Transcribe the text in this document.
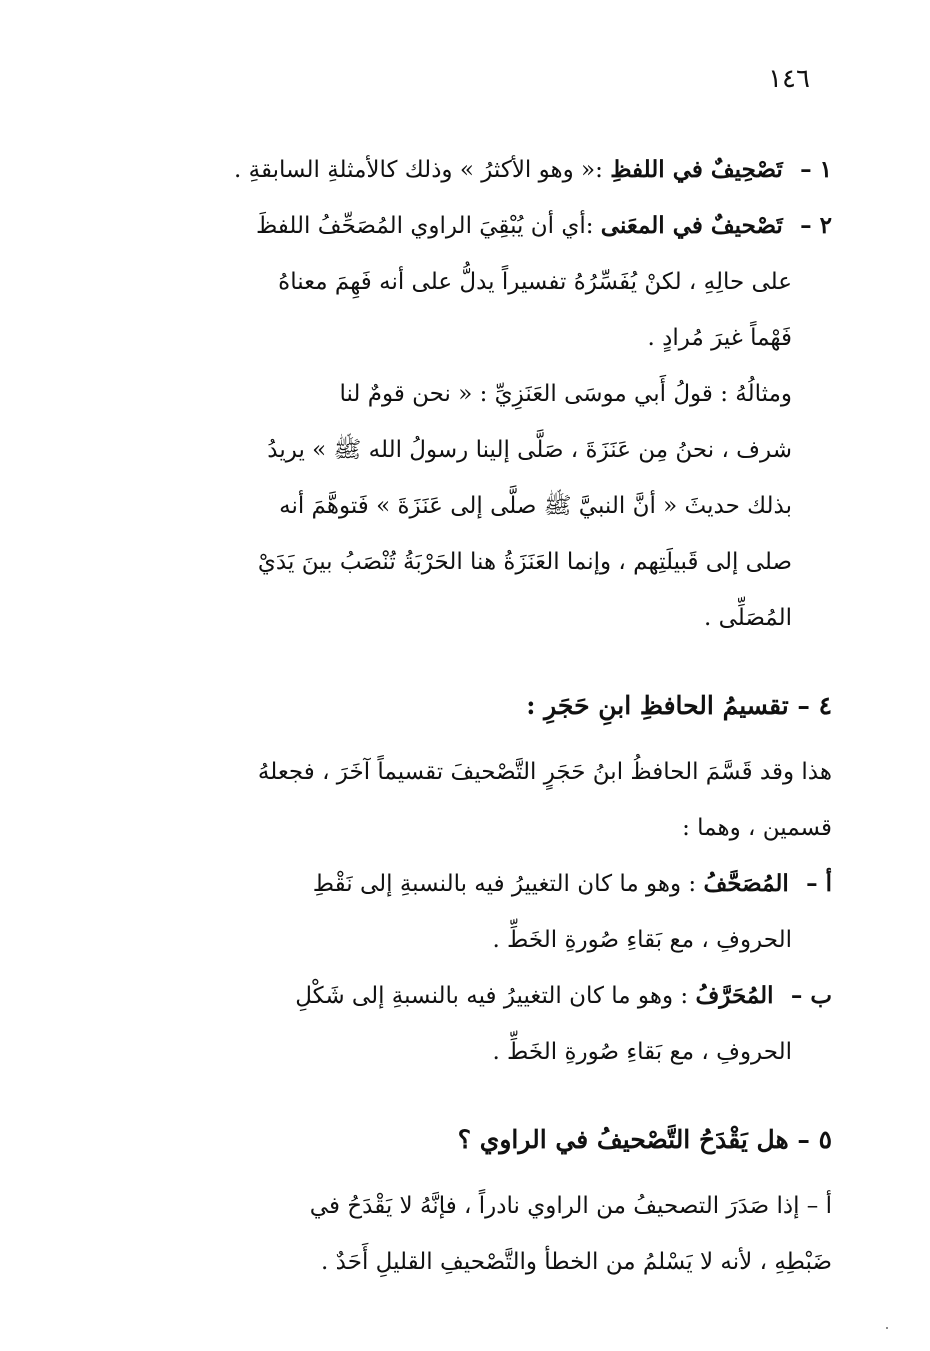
١٤٦
١ – تَصْحِيفٌ في اللفظِ :« وهو الأكثرُ » وذلك كالأمثلةِ السابقةِ .
٢ – تَصْحيفٌ في المعَنى :أي أن يُبْقِيَ الراوي المُصَحِّفُ اللفظَ
على حالِهِ ، لكنْ يُفَسِّرُهُ تفسيراً يدلُّ على أنه فَهِمَ معناهُ
فَهْماً غيرَ مُرادٍ .
ومثالُهُ : قولُ أَبي موسَى العَنَزِيِّ : « نحن قومٌ لنا
شرف ، نحنُ مِن عَنَزَةَ ، صَلَّى إلينا رسولُ الله ﷺ » يريدُ
بذلك حديثَ « أنَّ النبيَّ ﷺ صلَّى إلى عَنَزَةَ » فَتوهَّمَ أنه
صلى إلى قَبيلَتِهم ، وإنما العَنَزَةُ هنا الحَرْبَةُ تُنْصَبُ بينَ يَدَيْ
المُصَلِّى .
٤ – تقسيمُ الحافظِ ابنِ حَجَرِ :
هذا وقد قَسَّمَ الحافظُ ابنُ حَجَرٍ التَّصْحيفَ تقسيماً آخَرَ ، فجعلهُ
قسمين ، وهما :
أ – المُصَحَّفُ : وهو ما كان التغييرُ فيه بالنسبةِ إلى نَقْطِ
الحروفِ ، مع بَقاءِ صُورةِ الخَطِّ .
ب – المُحَرَّفُ : وهو ما كان التغييرُ فيه بالنسبةِ إلى شَكْلِ
الحروفِ ، مع بَقاءِ صُورةِ الخَطِّ .
٥ – هل يَقْدَحُ التَّصْحيفُ في الراوي ؟
أ – إذا صَدَرَ التصحيفُ من الراوي نادراً ، فإنَّهُ لا يَقْدَحُ في
ضَبْطِهِ ، لأنه لا يَسْلمُ من الخطأ والتَّصْحيفِ القليلِ أَحَدٌ .
